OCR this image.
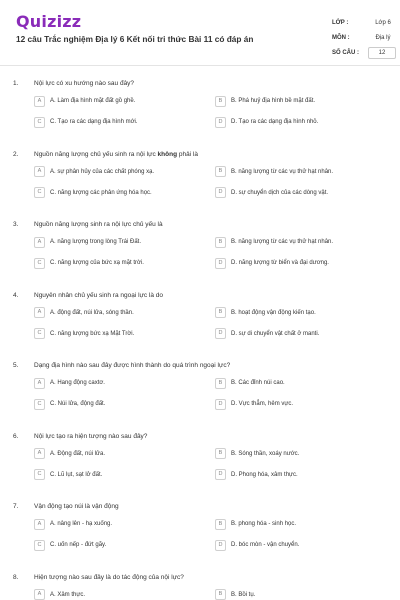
Quizizz
12 câu Trắc nghiệm Địa lý 6 Kết nối tri thức Bài 11 có đáp án
LỚP :	Lớp 6
MÔN :	Địa lý
SỐ CÂU :	12
1. Nội lực có xu hướng nào sau đây?
A	A. Làm địa hình mặt đất gồ ghề.	B	B. Phá huỷ địa hình bề mặt đất.
C	C. Tạo ra các dạng địa hình mới.	D	D. Tạo ra các dạng địa hình nhỏ.
2. Nguồn năng lượng chủ yếu sinh ra nội lực không phải là
A	A. sự phân hủy của các chất phóng xạ.	B	B. năng lượng từ các vụ thử hạt nhân.
C	C. năng lượng các phản ứng hóa học.	D	D. sự chuyển dịch của các dòng vật.
3. Nguồn năng lượng sinh ra nội lực chủ yếu là
A	A. năng lượng trong lòng Trái Đất.	B	B. năng lượng từ các vụ thử hạt nhân.
C	C. năng lượng của bức xạ mặt trời.	D	D. năng lượng từ biển và đại dương.
4. Nguyên nhân chủ yếu sinh ra ngoại lực là do
A	A. động đất, núi lửa, sóng thần.	B	B. hoạt động vận động kiến tạo.
C	C. năng lượng bức xạ Mặt Trời.	D	D. sự di chuyển vật chất ở manti.
5. Dạng địa hình nào sau đây được hình thành do quá trình ngoại lực?
A	A. Hang động caxtơ.	B	B. Các đỉnh núi cao.
C	C. Núi lửa, động đất.	D	D. Vực thẳm, hẻm vực.
6. Nội lực tạo ra hiện tượng nào sau đây?
A	A. Động đất, núi lửa.	B	B. Sóng thần, xoáy nước.
C	C. Lũ lụt, sạt lở đất.	D	D. Phong hóa, xâm thực.
7. Vận động tạo núi là vận động
A	A. nâng lên - hạ xuống.	B	B. phong hóa - sinh học.
C	C. uốn nếp - đứt gãy.	D	D. bóc mòn - vận chuyển.
8. Hiện tượng nào sau đây là do tác động của nội lực?
A	A. Xâm thực.	B	B. Bồi tụ.
